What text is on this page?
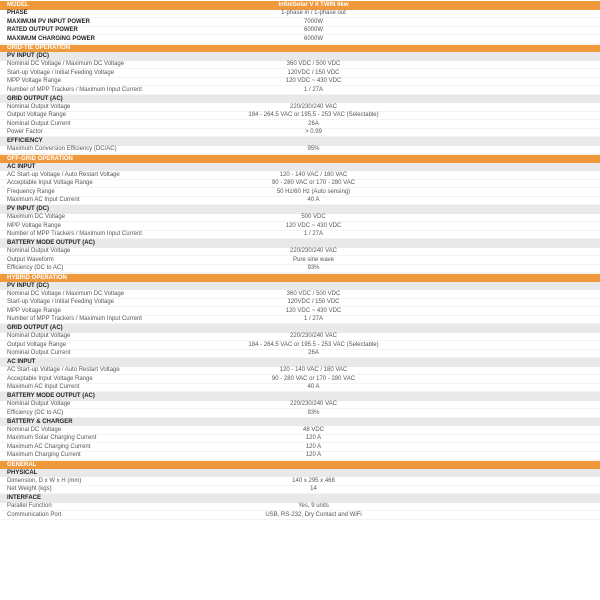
MODEL	InfiniSolar V II TWIN 6kw
PHASE	1-phase in / 1-phase out
MAXIMUM PV INPUT POWER	7000W
RATED OUTPUT POWER	6000W
MAXIMUM CHARGING POWER	6000W
GRID-TIE OPERATION
PV INPUT (DC)
Nominal DC Voltage / Maximum DC Voltage	360 VDC / 500 VDC
Start-up Voltage / Initial Feeding Voltage	120VDC / 150 VDC
MPP Voltage Range	120 VDC ~ 430 VDC
Number of MPP Trackers / Maximum Input Current	1 / 27A
GRID OUTPUT (AC)
Nominal Output Voltage	220/230/240 VAC
Output Voltage Range	184 - 264.5 VAC or 195.5 - 253 VAC (Selectable)
Nominal Output Current	26A
Power Factor	> 0.99
EFFICIENCY
Maximum Conversion Efficiency (DC/AC)	95%
OFF-GRID OPERATION
AC INPUT
AC Start-up Voltage / Auto Restart Voltage	120 - 140 VAC / 180 VAC
Acceptable Input Voltage Range	90 - 280 VAC or 170 - 280 VAC
Frequency Range	50 Hz/60 Hz (Auto sensing)
Maximum AC Input Current	40 A
PV INPUT (DC)
Maximum DC Voltage	500 VDC
MPP Voltage Range	120 VDC ~ 430 VDC
Number of MPP Trackers / Maximum Input Current	1 / 27A
BATTERY MODE OUTPUT (AC)
Nominal Output Voltage	220/230/240 VAC
Output Waveform	Pure sine wave
Efficiency (DC to AC)	93%
HYBRID OPERATION
PV INPUT (DC)
Nominal DC Voltage / Maximum DC Voltage	360 VDC / 500 VDC
Start-up Voltage / Initial Feeding Voltage	120VDC / 150 VDC
MPP Voltage Range	120 VDC ~ 430 VDC
Number of MPP Trackers / Maximum Input Current	1 / 27A
GRID OUTPUT (AC)
Nominal Output Voltage	220/230/240 VAC
Output Voltage Range	184 - 264.5 VAC or 195.5 - 253 VAC (Selectable)
Nominal Output Current	26A
AC INPUT
AC Start-up Voltage / Auto Restart Voltage	120 - 140 VAC / 180 VAC
Acceptable Input Voltage Range	90 - 280 VAC or 170 - 280 VAC
Maximum AC Input Current	40 A
BATTERY MODE OUTPUT (AC)
Nominal Output Voltage	220/230/240 VAC
Efficiency (DC to AC)	93%
BATTERY & CHARGER
Nominal DC Voltage	48 VDC
Maximum Solar Charging Current	120 A
Maximum AC Charging Current	120 A
Maximum Charging Current	120 A
GENERAL
PHYSICAL
Dimension, D x W x H (mm)	140 x 295 x 468
Net Weight (kgs)	14
INTERFACE
Parallel Function	Yes, 9 units
Communication Port	USB, RS-232, Dry Contact and WiFi
